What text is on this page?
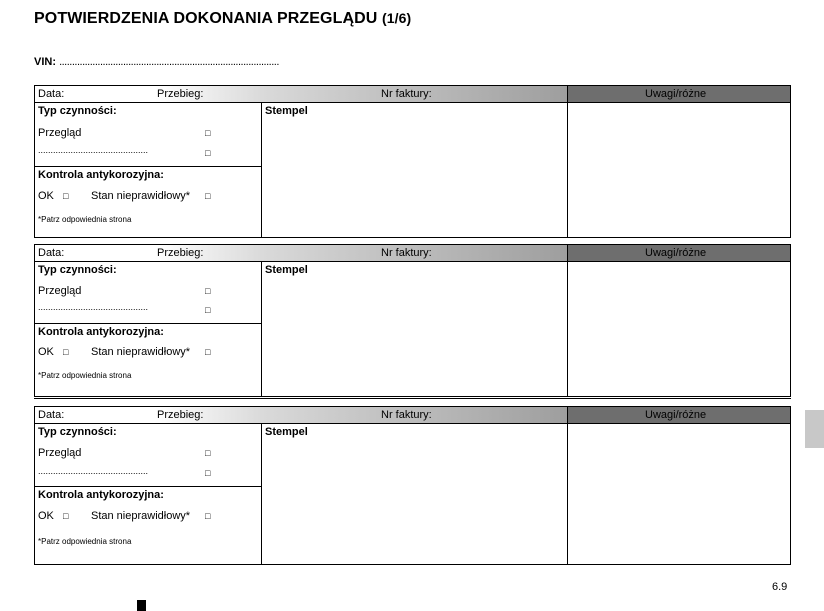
POTWIERDZENIA DOKONANIA PRZEGLĄDU (1/6)
VIN: ......................................................................................
Data:	Przebieg:	Nr faktury:	Uwagi/różne
Typ czynności:
Przegląd	□
............................................	□
Kontrola antykorozyjna:
OK □ Stan nieprawidłowy* □
*Patrz odpowiednia strona
Stempel
Data:	Przebieg:	Nr faktury:	Uwagi/różne
Typ czynności:
Przegląd	□
............................................	□
Kontrola antykorozyjna:
OK □ Stan nieprawidłowy* □
*Patrz odpowiednia strona
Stempel
Data:	Przebieg:	Nr faktury:	Uwagi/różne
Typ czynności:
Przegląd	□
............................................	□
Kontrola antykorozyjna:
OK □ Stan nieprawidłowy* □
*Patrz odpowiednia strona
Stempel
6.9
